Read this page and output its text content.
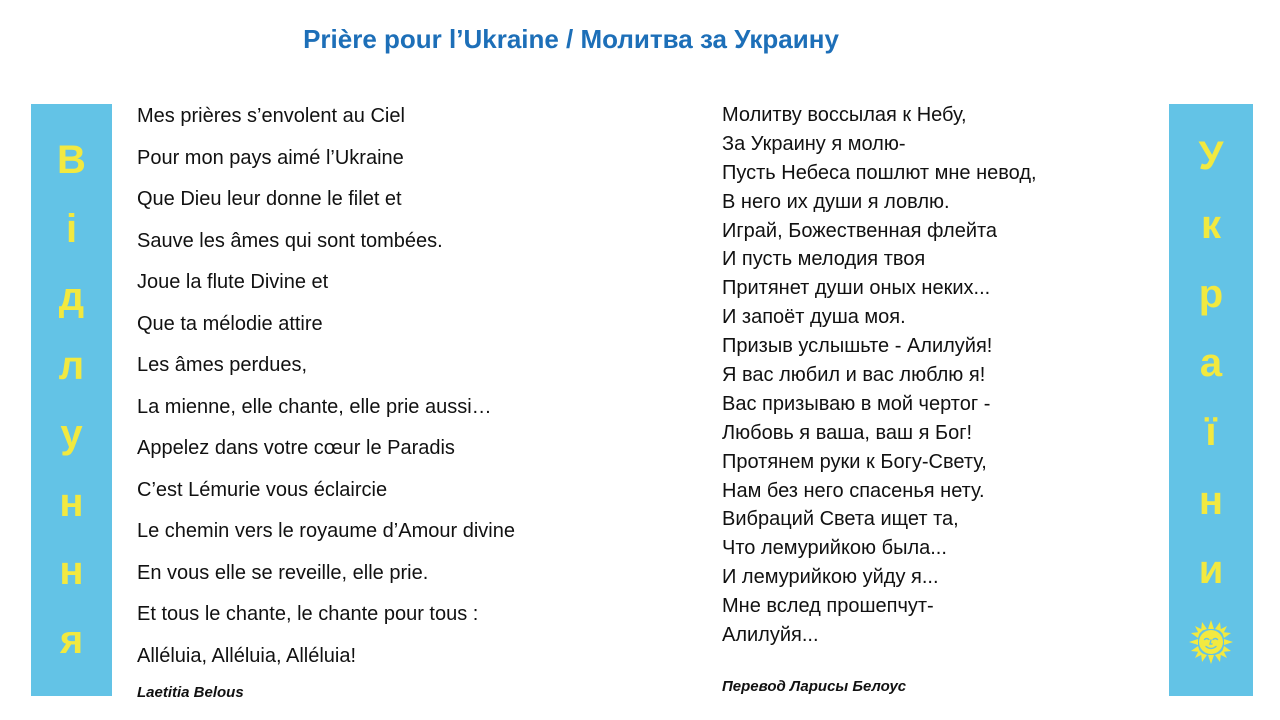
Prière pour l’Ukraine / Молитва за Украину
В
і
д
л
у
н
н
я
У
к
р
а
ї
н
и
Mes prières s’envolent au Ciel
Pour mon pays aimé l’Ukraine
Que Dieu leur donne le filet et
Sauve les âmes qui sont tombées.
Joue la flute Divine et
Que ta mélodie attire
Les âmes perdues,
La mienne, elle chante, elle prie aussi…
Appelez dans votre cœur le Paradis
C’est Lémurie vous éclaircie
Le chemin vers le royaume d’Amour divine
En vous elle se reveille, elle prie.
Et tous le chante, le chante pour tous :
Alléluia, Alléluia, Alléluia!
Laetitia Belous
Молитву воссылая к Небу,
За Украину я молю-
Пусть Небеса пошлют мне невод,
В него их души я ловлю.
Играй, Божественная флейта
И пусть мелодия твоя
Притянет души оных неких...
И запоёт душа моя.
Призыв услышьте - Алилуйя!
Я вас любил и вас люблю я!
Вас призываю в мой чертог -
Любовь я ваша, ваш я Бог!
Протянем руки к Богу-Свету,
Нам без него спасенья нету.
Вибраций Света ищет та,
Что лемурийкою была...
И лемурийкою уйду я...
Мне вслед прошепчут-
Алилуйя...
Перевод Ларисы Белоус
